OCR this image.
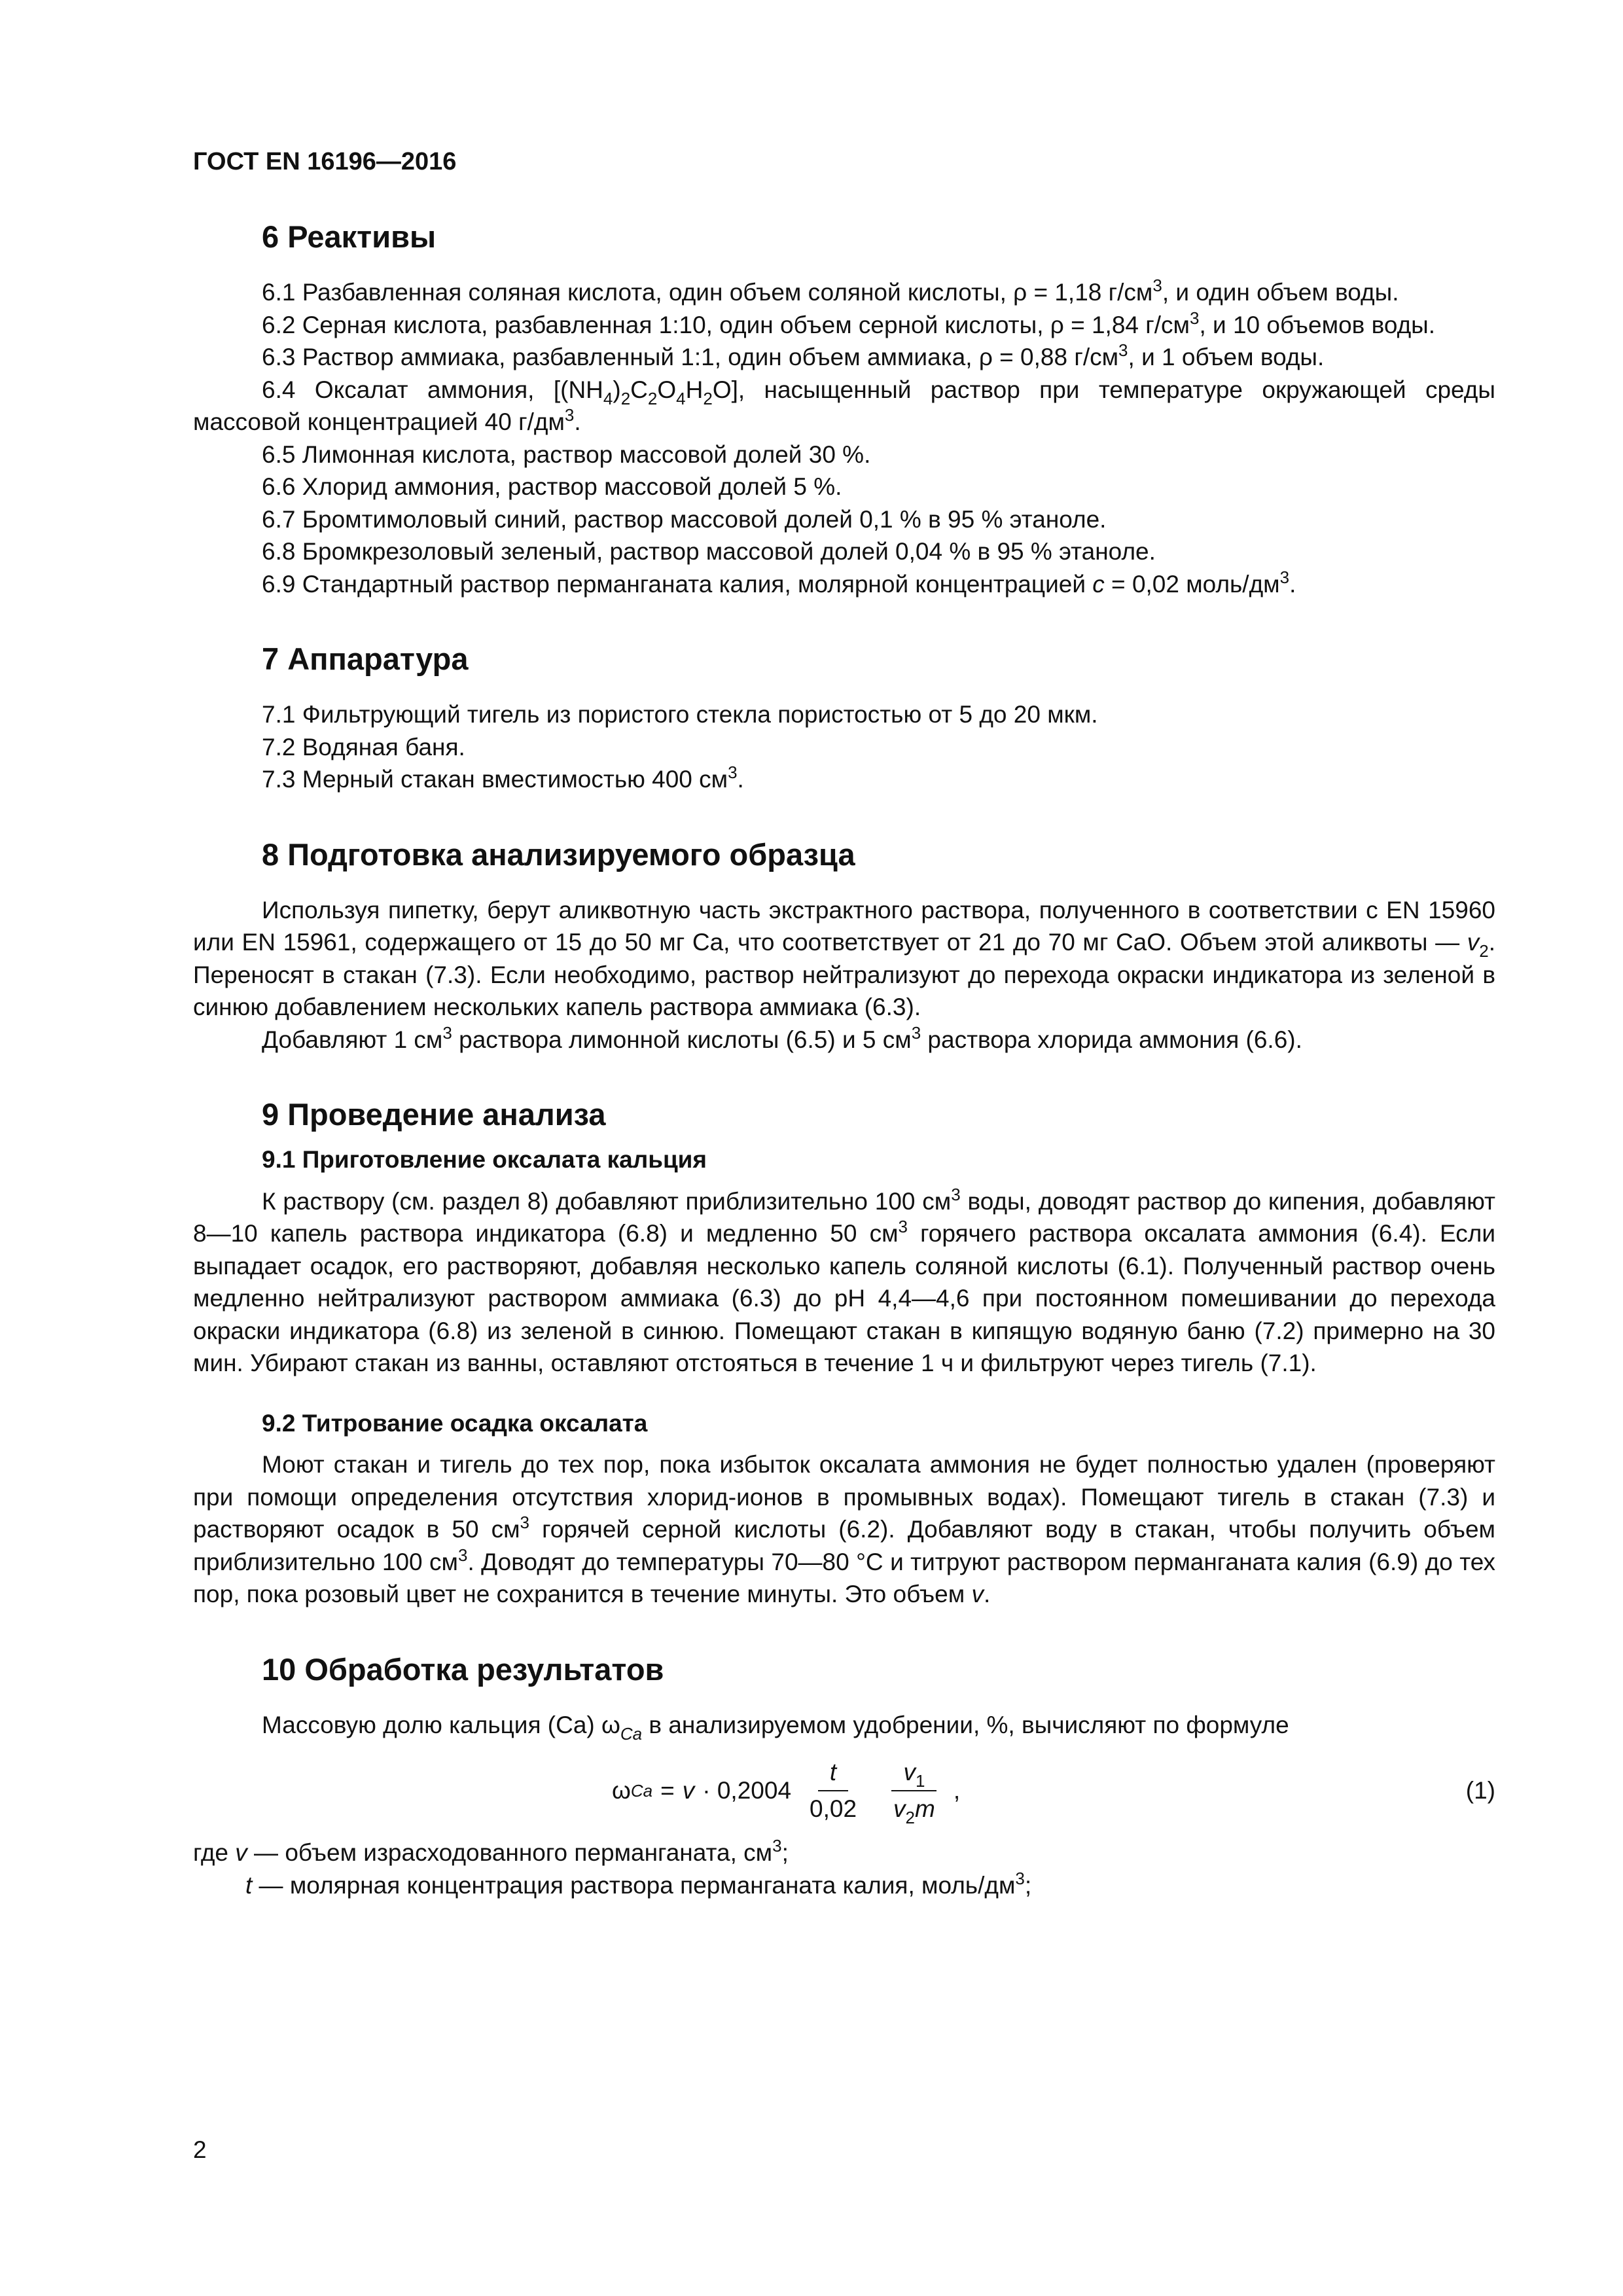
ГОСТ EN 16196—2016
6 Реактивы

6.1 Разбавленная соляная кислота, один объем соляной кислоты, ρ = 1,18 $г/см^3$, и один объем воды.

6.2 Серная кислота, разбавленная 1:10, один объем серной кислоты, ρ = 1,84 $г/см^3$, и 10 объемов воды.

6.3 Раствор аммиака, разбавленный 1:1, один объем аммиака, ρ = 0,88 $г/см^3$, и 1 объем воды.

6.4 Оксалат аммония, $[(NH_4)_2C_2O_4H_2O]$, насыщенный раствор при температуре окружающей среды массовой концентрацией 40 $г/дм^3$.

6.5 Лимонная кислота, раствор массовой долей 30 %.

6.6 Хлорид аммония, раствор массовой долей 5 %.

6.7 Бромтимоловый синий, раствор массовой долей 0,1 % в 95 % этаноле.

6.8 Бромкрезоловый зеленый, раствор массовой долей 0,04 % в 95 % этаноле.

6.9 Стандартный раствор перманганата калия, молярной концентрацией c = 0,02 моль/$дм^3$.

7 Аппаратура

7.1 Фильтрующий тигель из пористого стекла пористостью от 5 до 20 мкм.

7.2 Водяная баня.

7.3 Мерный стакан вместимостью 400 $см^3$.

8 Подготовка анализируемого образца

Используя пипетку, берут аликвотную часть экстрактного раствора, полученного в соответствии с EN 15960 или EN 15961, содержащего от 15 до 50 мг Ca, что соответствует от 21 до 70 мг CaO. Объем этой аликвоты — $v_2$. Переносят в стакан (7.3). Если необходимо, раствор нейтрализуют до перехода окраски индикатора из зеленой в синюю добавлением нескольких капель раствора аммиака (6.3).

Добавляют 1 $см^3$ раствора лимонной кислоты (6.5) и 5 $см^3$ раствора хлорида аммония (6.6).

9 Проведение анализа
9.1 Приготовление оксалата кальция

К раствору (см. раздел 8) добавляют приблизительно 100 $см^3$ воды, доводят раствор до кипения, добавляют 8—10 капель раствора индикатора (6.8) и медленно 50 $см^3$ горячего раствора оксалата аммония (6.4). Если выпадает осадок, его растворяют, добавляя несколько капель соляной кислоты (6.1). Полученный раствор очень медленно нейтрализуют раствором аммиака (6.3) до рН 4,4—4,6 при постоянном помешивании до перехода окраски индикатора (6.8) из зеленой в синюю. Помещают стакан в кипящую водяную баню (7.2) примерно на 30 мин. Убирают стакан из ванны, оставляют отстояться в течение 1 ч и фильтруют через тигель (7.1).

9.2 Титрование осадка оксалата

Моют стакан и тигель до тех пор, пока избыток оксалата аммония не будет полностью удален (проверяют при помощи определения отсутствия хлорид-ионов в промывных водах). Помещают тигель в стакан (7.3) и растворяют осадок в 50 $см^3$ горячей серной кислоты (6.2). Добавляют воду в стакан, чтобы получить объем приблизительно 100 $см^3$. Доводят до температуры 70—80 °C и титруют раствором перманганата калия (6.9) до тех пор, пока розовый цвет не сохранится в течение минуты. Это объем v.

10 Обработка результатов

Массовую долю кальция (Ca) $\omega_{Ca}$ в анализируемом удобрении, %, вычисляют по формуле

ω $Ca = v \cdot 0,2004 \frac{t}{0,02} \frac{v_1}{v_2m}$ ,	(1)

где v — объем израсходованного перманганата, $см^3$;

t — молярная концентрация раствора перманганата калия, моль/$дм^3$;

2
